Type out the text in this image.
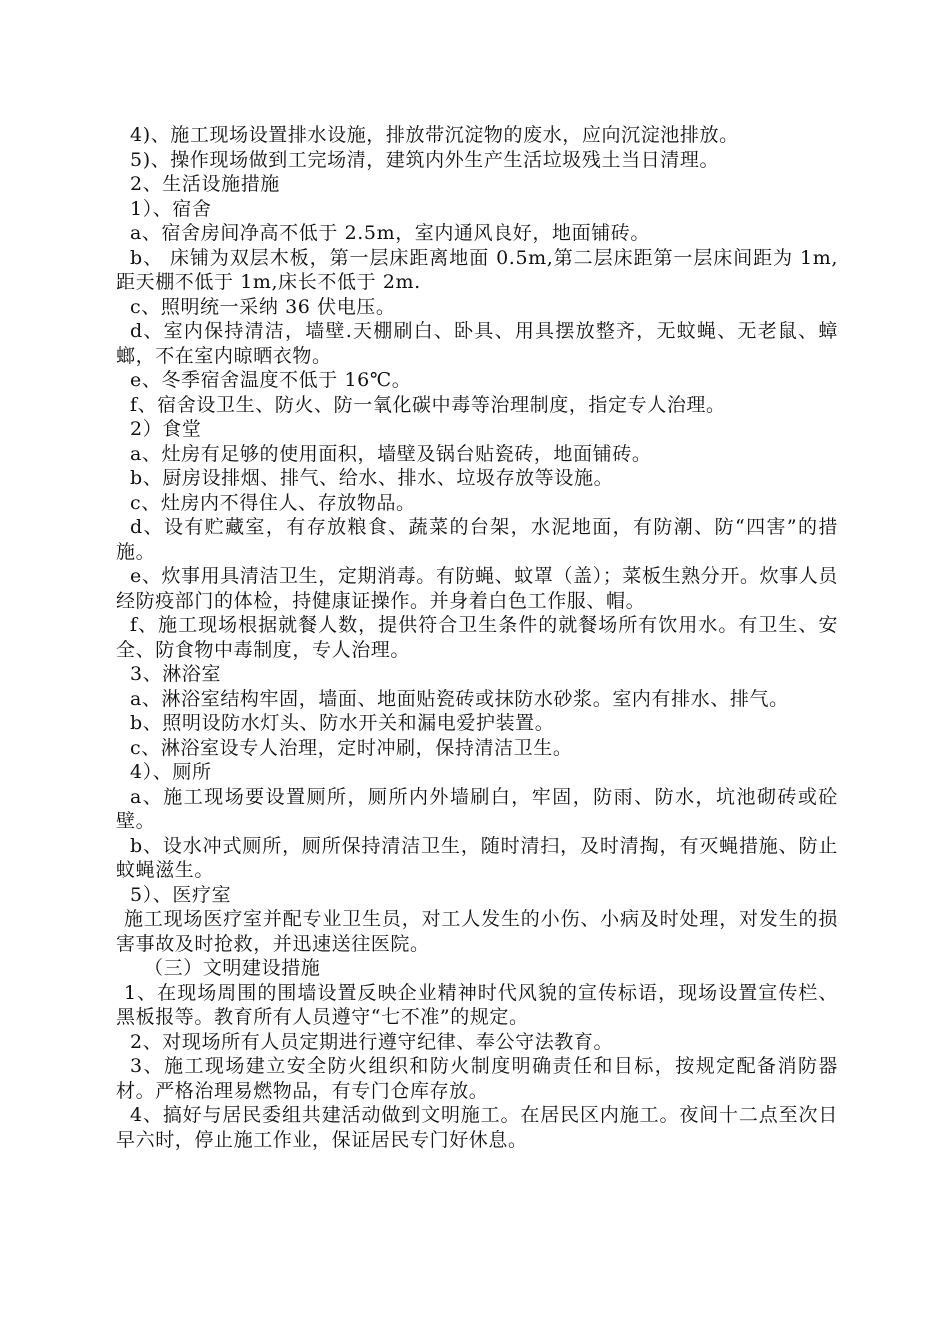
4)、施工现场设置排水设施，排放带沉淀物的废水，应向沉淀池排放。

5)、操作现场做到工完场清，建筑内外生产生活垃圾残土当日清理。

2、生活设施措施

1）、宿舍

a、宿舍房间净高不低于 2.5m，室内通风良好，地面铺砖。

b、 床铺为双层木板，第一层床距离地面 0.5m,第二层床距第一层床间距为 1m,距天棚不低于 1m,床长不低于 2m.

c、照明统一采纳 36 伏电压。

d、室内保持清洁，墙壁.天棚刷白、卧具、用具摆放整齐，无蚊蝇、无老鼠、蟑螂，不在室内晾晒衣物。

e、冬季宿舍温度不低于 16℃。

f、宿舍设卫生、防火、防一氧化碳中毒等治理制度，指定专人治理。

2）食堂

a、灶房有足够的使用面积，墙壁及锅台贴瓷砖，地面铺砖。

b、厨房设排烟、排气、给水、排水、垃圾存放等设施。

c、灶房内不得住人、存放物品。

d、设有贮藏室，有存放粮食、蔬菜的台架，水泥地面，有防潮、防“四害”的措施。

e、炊事用具清洁卫生，定期消毒。有防蝇、蚊罩（盖）；菜板生熟分开。炊事人员经防疫部门的体检，持健康证操作。并身着白色工作服、帽。

f、施工现场根据就餐人数，提供符合卫生条件的就餐场所有饮用水。有卫生、安全、防食物中毒制度，专人治理。

3、淋浴室

a、淋浴室结构牢固，墙面、地面贴瓷砖或抹防水砂浆。室内有排水、排气。

b、照明设防水灯头、防水开关和漏电爱护装置。

c、淋浴室设专人治理，定时冲刷，保持清洁卫生。

4）、厕所

a、施工现场要设置厕所，厕所内外墙刷白，牢固，防雨、防水，坑池砌砖或砼壁。

b、设水冲式厕所，厕所保持清洁卫生，随时清扫，及时清掏，有灭蝇措施、防止蚊蝇滋生。

5）、医疗室

施工现场医疗室并配专业卫生员，对工人发生的小伤、小病及时处理，对发生的损害事故及时抢救，并迅速送往医院。

（三）文明建设措施

1、在现场周围的围墙设置反映企业精神时代风貌的宣传标语，现场设置宣传栏、黑板报等。教育所有人员遵守“七不准”的规定。

2、对现场所有人员定期进行遵守纪律、奉公守法教育。

3、施工现场建立安全防火组织和防火制度明确责任和目标，按规定配备消防器材。严格治理易燃物品，有专门仓库存放。

4、搞好与居民委组共建活动做到文明施工。在居民区内施工。夜间十二点至次日早六时，停止施工作业，保证居民专门好休息。
